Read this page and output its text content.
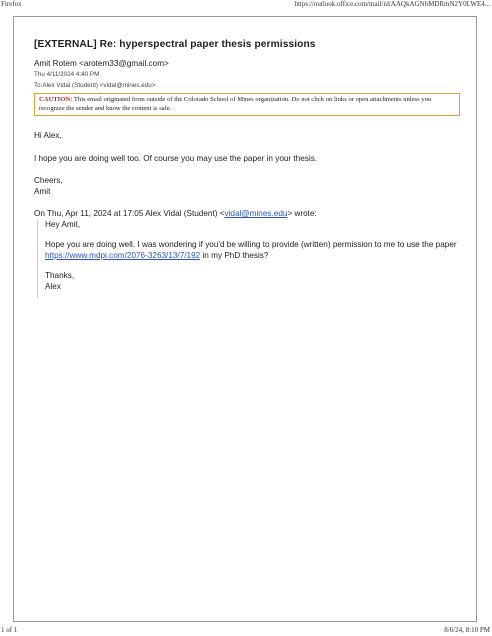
Firefox	https://outlook.office.com/mail/id/AAQkAGNhMDRmN2Y0LWE4...
[EXTERNAL] Re: hyperspectral paper thesis permissions
Amit Rotem <arotem33@gmail.com>
Thu 4/11/2024 4:40 PM
To:Alex Vidal (Student) <vidal@mines.edu>
CAUTION: This email originated from outside of the Colorado School of Mines organization. Do not click on links or open attachments unless you recognize the sender and know the content is safe.

Hi Alex,

I hope you are doing well too. Of course you may use the paper in your thesis.

Cheers,

Amit

On Thu, Apr 11, 2024 at 17:05 Alex Vidal (Student) <vidal@mines.edu> wrote:

Hey Amit,

Hope you are doing well. I was wondering if you'd be willing to provide (written) permission to me to use the paper https://www.mdpi.com/2076-3263/13/7/192 in my PhD thesis?

Thanks,

Alex

1 of 1	8/6/24, 8:10 PM
